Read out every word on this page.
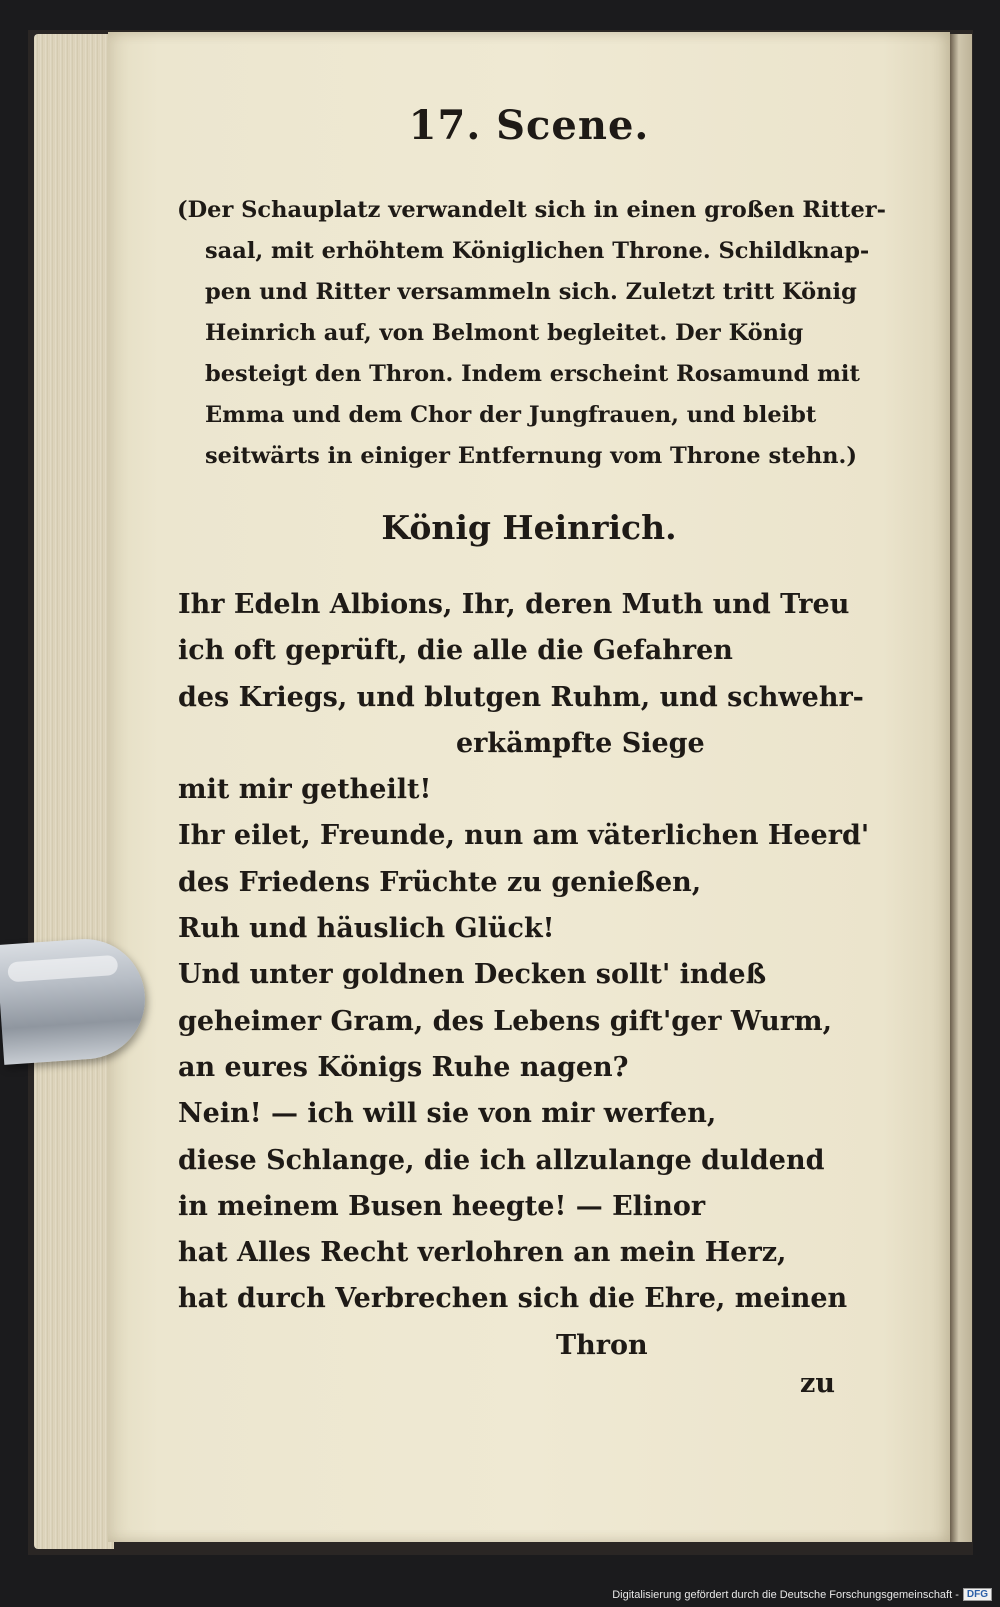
17. Scene.
(Der Schauplatz verwandelt sich in einen großen Ritter-
saal, mit erhöhtem Königlichen Throne. Schildknap-
pen und Ritter versammeln sich. Zuletzt tritt König
Heinrich auf, von Belmont begleitet. Der König
besteigt den Thron. Indem erscheint Rosamund mit
Emma und dem Chor der Jungfrauen, und bleibt
seitwärts in einiger Entfernung vom Throne stehn.)
König Heinrich.
Ihr Edeln Albions, Ihr, deren Muth und Treu
ich oft geprüft, die alle die Gefahren
des Kriegs, und blutgen Ruhm, und schwehr-
erkämpfte Siege
mit mir getheilt!
Ihr eilet, Freunde, nun am väterlichen Heerd'
des Friedens Früchte zu genießen,
Ruh und häuslich Glück!
Und unter goldnen Decken sollt' indeß
geheimer Gram, des Lebens gift'ger Wurm,
an eures Königs Ruhe nagen?
Nein! — ich will sie von mir werfen,
diese Schlange, die ich allzulange duldend
in meinem Busen heegte! — Elinor
hat Alles Recht verlohren an mein Herz,
hat durch Verbrechen sich die Ehre, meinen
Thron
zu
Digitalisierung gefördert durch die Deutsche Forschungsgemeinschaft - DFG
